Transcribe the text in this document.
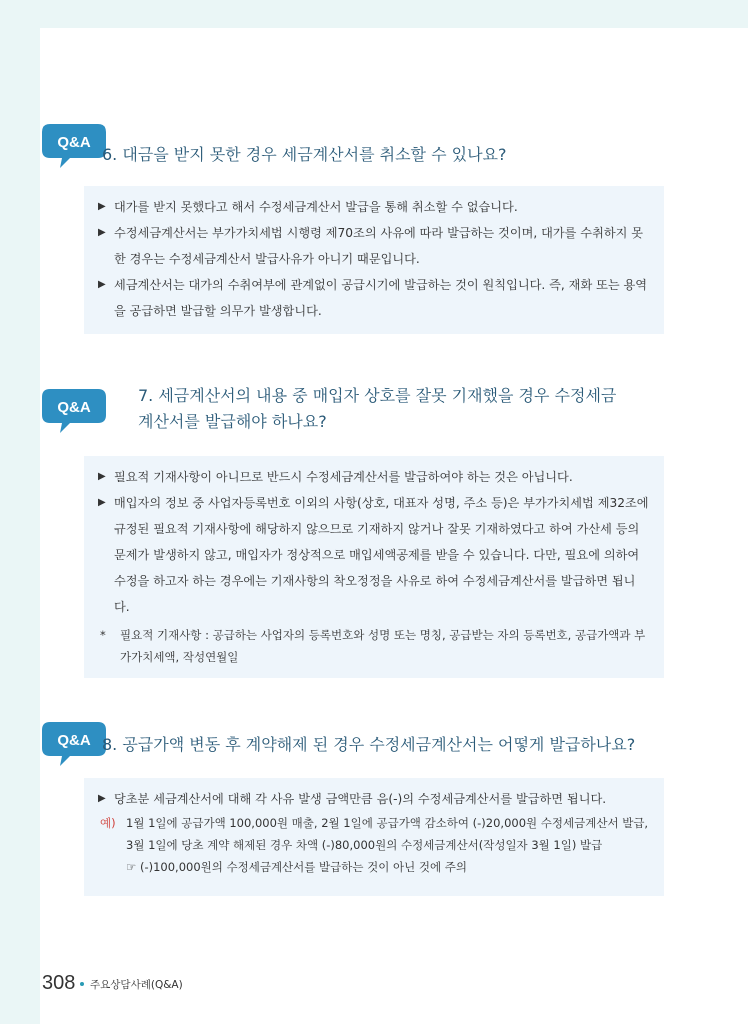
Q&A
6. 대금을 받지 못한 경우 세금계산서를 취소할 수 있나요?
▶ 대가를 받지 못했다고 해서 수정세금계산서 발급을 통해 취소할 수 없습니다.
▶ 수정세금계산서는 부가가치세법 시행령 제70조의 사유에 따라 발급하는 것이며, 대가를 수취하지 못한 경우는 수정세금계산서 발급사유가 아니기 때문입니다.
▶ 세금계산서는 대가의 수취여부에 관계없이 공급시기에 발급하는 것이 원칙입니다. 즉, 재화 또는 용역을 공급하면 발급할 의무가 발생합니다.
Q&A
7. 세금계산서의 내용 중 매입자 상호를 잘못 기재했을 경우 수정세금계산서를 발급해야 하나요?
▶ 필요적 기재사항이 아니므로 반드시 수정세금계산서를 발급하여야 하는 것은 아닙니다.
▶ 매입자의 정보 중 사업자등록번호 이외의 사항(상호, 대표자 성명, 주소 등)은 부가가치세법 제32조에 규정된 필요적 기재사항에 해당하지 않으므로 기재하지 않거나 잘못 기재하였다고 하여 가산세 등의 문제가 발생하지 않고, 매입자가 정상적으로 매입세액공제를 받을 수 있습니다. 다만, 필요에 의하여 수정을 하고자 하는 경우에는 기재사항의 착오정정을 사유로 하여 수정세금계산서를 발급하면 됩니다.
* 필요적 기재사항 : 공급하는 사업자의 등록번호와 성명 또는 명칭, 공급받는 자의 등록번호, 공급가액과 부가가치세액, 작성연월일
Q&A 8. 공급가액 변동 후 계약해제 된 경우 수정세금계산서는 어떻게 발급하나요?
▶ 당초분 세금계산서에 대해 각 사유 발생 금액만큼 음(-)의 수정세금계산서를 발급하면 됩니다.
예) 1월 1일에 공급가액 100,000원 매출, 2월 1일에 공급가액 감소하여 (-)20,000원 수정세금계산서 발급, 3월 1일에 당초 계약 해제된 경우 차액 (-)80,000원의 수정세금계산서(작성일자 3월 1일) 발급
☞ (-)100,000원의 수정세금계산서를 발급하는 것이 아닌 것에 주의
308 주요상담사례(Q&A)
